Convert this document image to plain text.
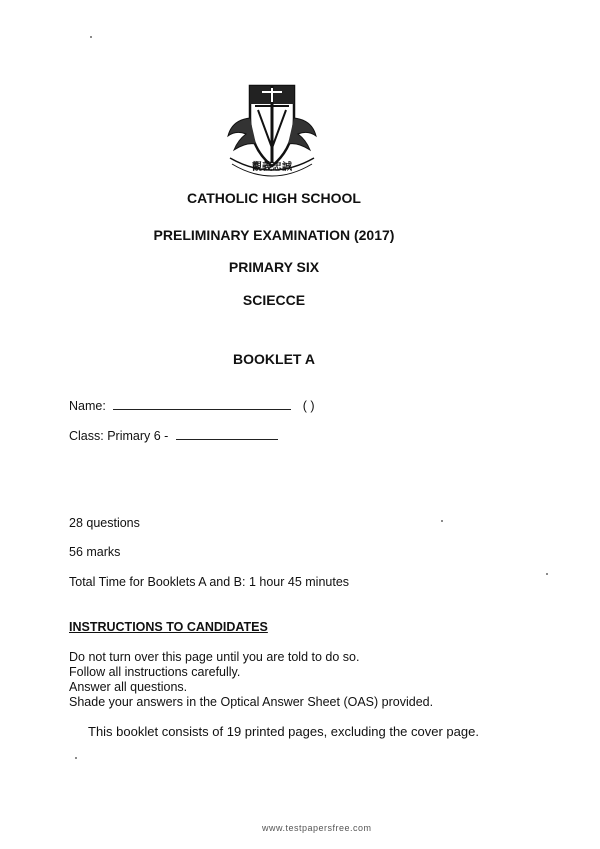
觀義忠誠
CATHOLIC HIGH SCHOOL
PRELIMINARY EXAMINATION (2017)
PRIMARY SIX
SCIECCE
BOOKLET A
Name:	( )
Class: Primary 6 -
28 questions
56 marks
Total Time for Booklets A and B: 1 hour 45 minutes
INSTRUCTIONS TO CANDIDATES
Do not turn over this page until you are told to do so.
Follow all instructions carefully.
Answer all questions.
Shade your answers in the Optical Answer Sheet (OAS) provided.
This booklet consists of 19 printed pages, excluding the cover page.
www.testpapersfree.com
